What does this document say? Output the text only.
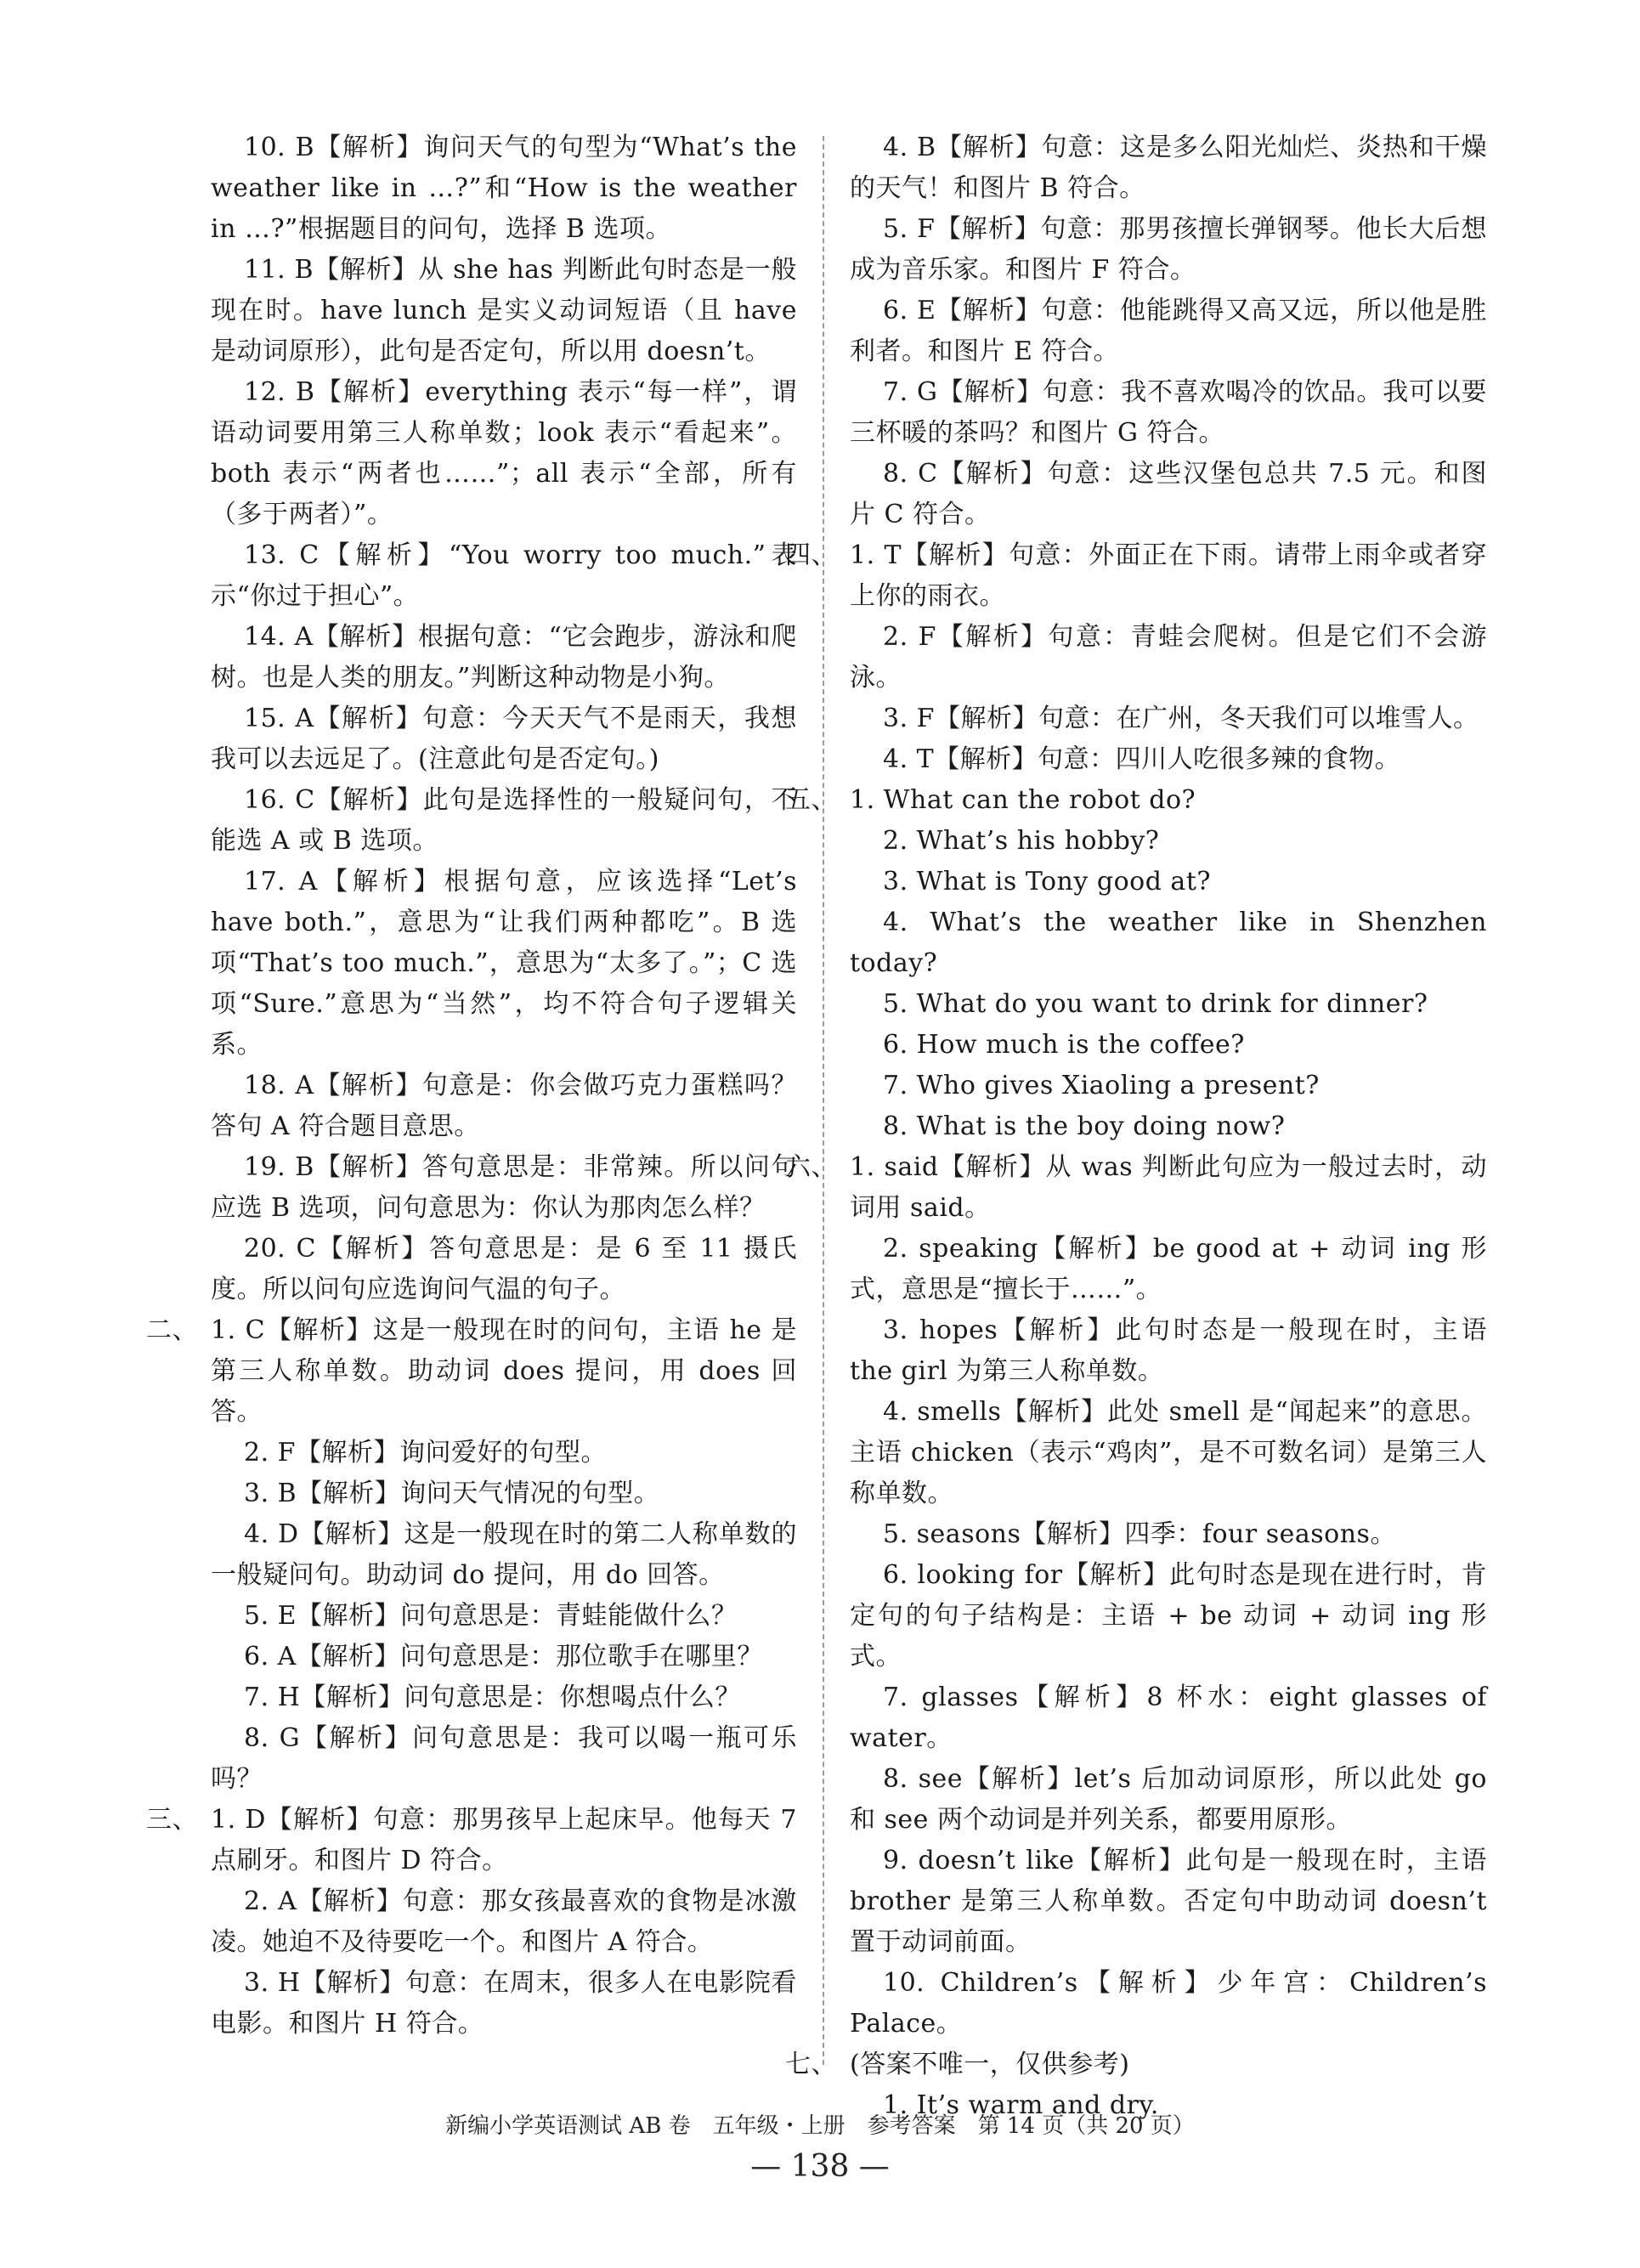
10. B【解析】询问天气的句型为“What’s the weather like in …?”和“How is the weather in …?”根据题目的问句，选择 B 选项。
11. B【解析】从 she has 判断此句时态是一般现在时。have lunch 是实义动词短语（且 have 是动词原形），此句是否定句，所以用 doesn’t。
12. B【解析】everything 表示“每一样”，谓语动词要用第三人称单数；look 表示“看起来”。both 表示“两者也……”；all 表示“全部，所有（多于两者）”。
13. C【解析】“You worry too much.”表示“你过于担心”。
14. A【解析】根据句意：“它会跑步，游泳和爬树。也是人类的朋友。”判断这种动物是小狗。
15. A【解析】句意：今天天气不是雨天，我想我可以去远足了。(注意此句是否定句。)
16. C【解析】此句是选择性的一般疑问句，不能选 A 或 B 选项。
17. A【解析】根据句意，应该选择“Let’s have both.”，意思为“让我们两种都吃”。B 选项“That’s too much.”，意思为“太多了。”；C 选项“Sure.”意思为“当然”，均不符合句子逻辑关系。
18. A【解析】句意是：你会做巧克力蛋糕吗？答句 A 符合题目意思。
19. B【解析】答句意思是：非常辣。所以问句应选 B 选项，问句意思为：你认为那肉怎么样？
20. C【解析】答句意思是：是 6 至 11 摄氏度。所以问句应选询问气温的句子。
二、 1. C【解析】这是一般现在时的问句，主语 he 是第三人称单数。助动词 does 提问，用 does 回答。
2. F【解析】询问爱好的句型。
3. B【解析】询问天气情况的句型。
4. D【解析】这是一般现在时的第二人称单数的一般疑问句。助动词 do 提问，用 do 回答。
5. E【解析】问句意思是：青蛙能做什么？
6. A【解析】问句意思是：那位歌手在哪里？
7. H【解析】问句意思是：你想喝点什么？
8. G【解析】问句意思是：我可以喝一瓶可乐吗？
三、 1. D【解析】句意：那男孩早上起床早。他每天 7 点刷牙。和图片 D 符合。
2. A【解析】句意：那女孩最喜欢的食物是冰激凌。她迫不及待要吃一个。和图片 A 符合。
3. H【解析】句意：在周末，很多人在电影院看电影。和图片 H 符合。
4. B【解析】句意：这是多么阳光灿烂、炎热和干燥的天气！和图片 B 符合。
5. F【解析】句意：那男孩擅长弹钢琴。他长大后想成为音乐家。和图片 F 符合。
6. E【解析】句意：他能跳得又高又远，所以他是胜利者。和图片 E 符合。
7. G【解析】句意：我不喜欢喝冷的饮品。我可以要三杯暖的茶吗？和图片 G 符合。
8. C【解析】句意：这些汉堡包总共 7.5 元。和图片 C 符合。
四、 1. T【解析】句意：外面正在下雨。请带上雨伞或者穿上你的雨衣。
2. F【解析】句意：青蛙会爬树。但是它们不会游泳。
3. F【解析】句意：在广州，冬天我们可以堆雪人。
4. T【解析】句意：四川人吃很多辣的食物。
五、 1. What can the robot do?
2. What’s his hobby?
3. What is Tony good at?
4. What’s the weather like in Shenzhen today?
5. What do you want to drink for dinner?
6. How much is the coffee?
7. Who gives Xiaoling a present?
8. What is the boy doing now?
六、 1. said【解析】从 was 判断此句应为一般过去时，动词用 said。
2. speaking【解析】be good at + 动词 ing 形式，意思是“擅长于……”。
3. hopes【解析】此句时态是一般现在时，主语 the girl 为第三人称单数。
4. smells【解析】此处 smell 是“闻起来”的意思。主语 chicken（表示“鸡肉”，是不可数名词）是第三人称单数。
5. seasons【解析】四季：four seasons。
6. looking for【解析】此句时态是现在进行时，肯定句的句子结构是：主语 + be 动词 + 动词 ing 形式。
7. glasses【解析】8 杯水：eight glasses of water。
8. see【解析】let’s 后加动词原形，所以此处 go 和 see 两个动词是并列关系，都要用原形。
9. doesn’t like【解析】此句是一般现在时，主语 brother 是第三人称单数。否定句中助动词 doesn’t 置于动词前面。
10. Children’s【解析】少年宫：Children’s Palace。
七、 (答案不唯一，仅供参考)
1. It’s warm and dry.
新编小学英语测试 AB 卷　五年级・上册　参考答案　第 14 页（共 20 页）
— 138 —
